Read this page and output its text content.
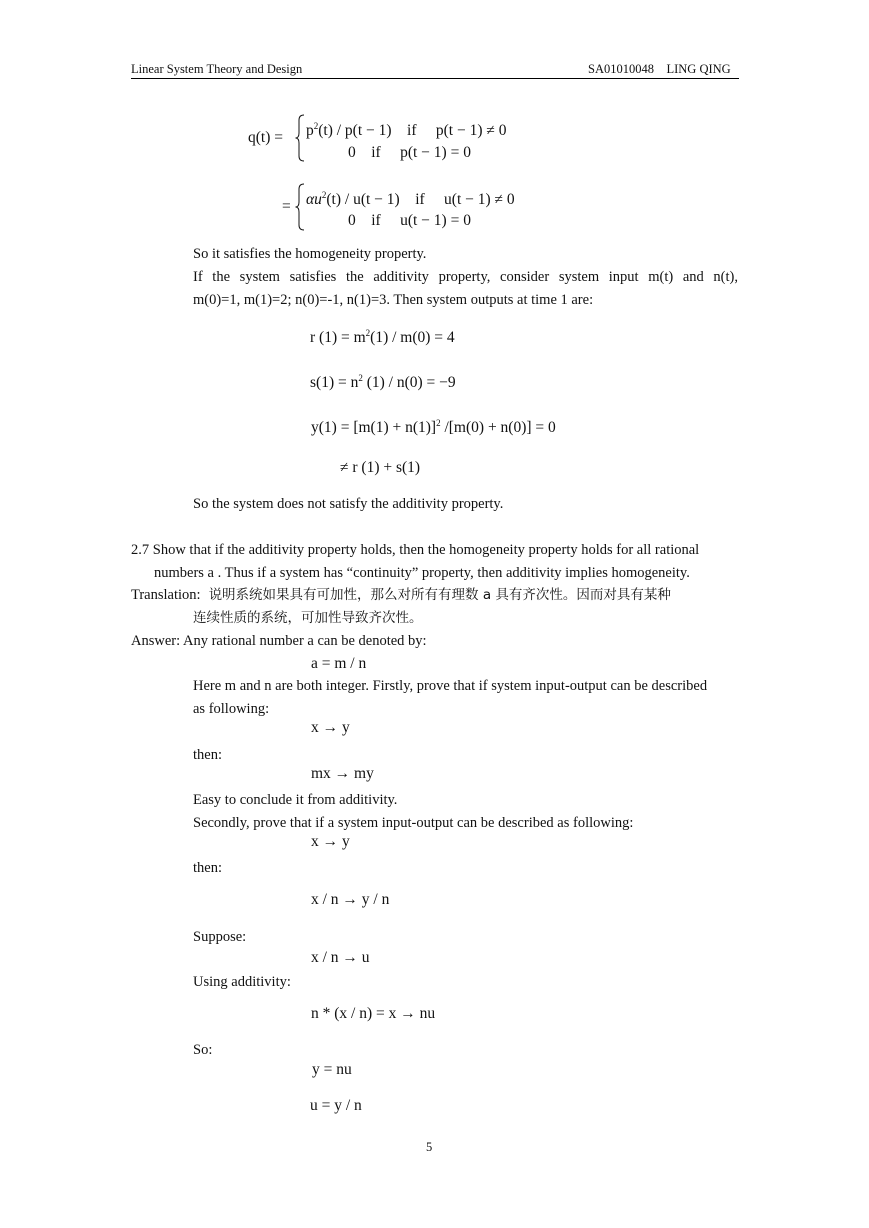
Linear System Theory and Design	SA01010048    LING QING
$q(t) = p^2(t) / p(t - 1)$    if     p(t − 1) ≠ 0
0    if     p(t − 1) = 0
= $\alpha u^2(t) / u(t - 1)$    if     u(t − 1) ≠ 0
0    if     u(t − 1) = 0
So it satisfies the homogeneity property.
If the system satisfies the additivity property, consider system input m(t) and n(t),
m(0)=1, m(1)=2; n(0)=-1, n(1)=3. Then system outputs at time 1 are:
r $(1) = m^2(1) / m(0) = 4$
$s(1) = n^2$ (1) / n(0) = −9
$y(1) = [m(1) + n(1)]^2$ /[m(0) + n(0)] = 0
≠ r (1) + s(1)
So the system does not satisfy the additivity property.
2.7 Show that if the additivity property holds, then the homogeneity property holds for all rational
numbers a . Thus if a system has “continuity” property, then additivity implies homogeneity.
Translation: 说明系统如果具有可加性，那么对所有有理数 a 具有齐次性。因而对具有某种
连续性质的系统，可加性导致齐次性。
Answer: Any rational number a can be denoted by:
a = m / n
Here m and n are both integer. Firstly, prove that if system input-output can be described
as following:
x → y
then:
mx → my
Easy to conclude it from additivity.
Secondly, prove that if a system input-output can be described as following:
x → y
then:
x / n → y / n
Suppose:
x / n → u
Using additivity:
n * (x / n) = x → nu
So:
y = nu
u = y / n
5
